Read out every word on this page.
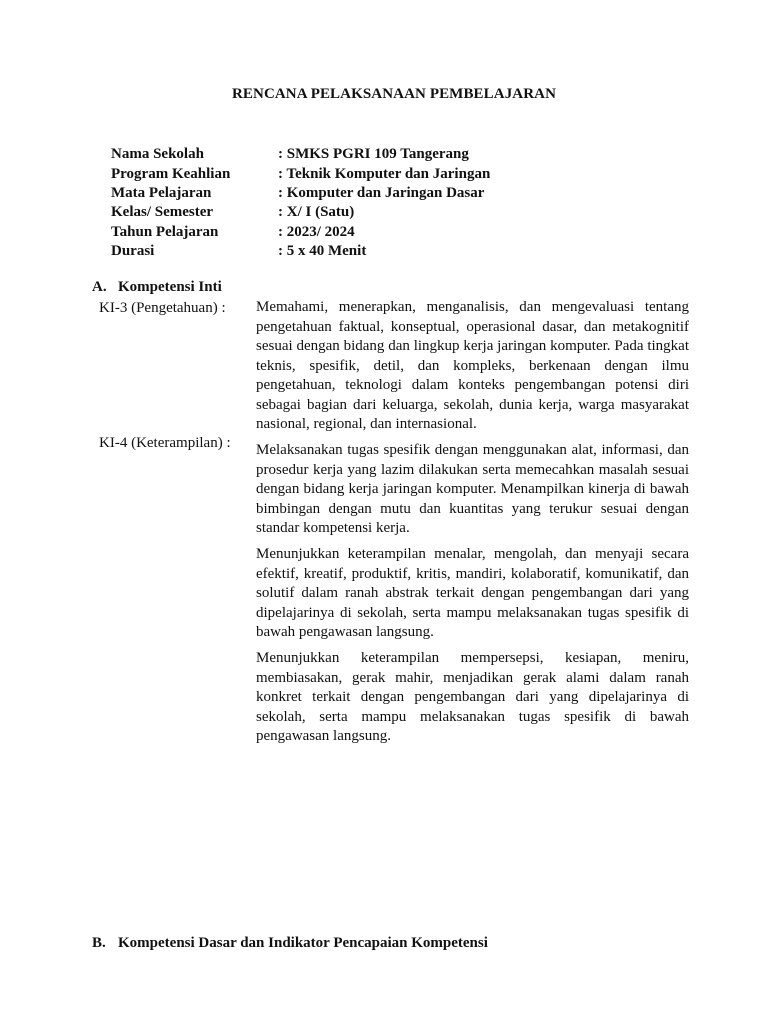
RENCANA PELAKSANAAN PEMBELAJARAN
Nama Sekolah	: SMKS PGRI 109 Tangerang
Program Keahlian	: Teknik Komputer dan Jaringan
Mata Pelajaran	: Komputer dan Jaringan Dasar
Kelas/ Semester	: X/ I (Satu)
Tahun Pelajaran	: 2023/ 2024
Durasi	: 5 x 40 Menit
A. Kompetensi Inti
KI-3 (Pengetahuan) : Memahami, menerapkan, menganalisis, dan mengevaluasi tentang pengetahuan faktual, konseptual, operasional dasar, dan metakognitif sesuai dengan bidang dan lingkup kerja jaringan komputer. Pada tingkat teknis, spesifik, detil, dan kompleks, berkenaan dengan ilmu pengetahuan, teknologi dalam konteks pengembangan potensi diri sebagai bagian dari keluarga, sekolah, dunia kerja, warga masyarakat nasional, regional, dan internasional.

KI-4 (Keterampilan) : Melaksanakan tugas spesifik dengan menggunakan alat, informasi, dan prosedur kerja yang lazim dilakukan serta memecahkan masalah sesuai dengan bidang kerja jaringan komputer. Menampilkan kinerja di bawah bimbingan dengan mutu dan kuantitas yang terukur sesuai dengan standar kompetensi kerja.

Menunjukkan keterampilan menalar, mengolah, dan menyaji secara efektif, kreatif, produktif, kritis, mandiri, kolaboratif, komunikatif, dan solutif dalam ranah abstrak terkait dengan pengembangan dari yang dipelajarinya di sekolah, serta mampu melaksanakan tugas spesifik di bawah pengawasan langsung.

Menunjukkan keterampilan mempersepsi, kesiapan, meniru, membiasakan, gerak mahir, menjadikan gerak alami dalam ranah konkret terkait dengan pengembangan dari yang dipelajarinya di sekolah, serta mampu melaksanakan tugas spesifik di bawah pengawasan langsung.

B. Kompetensi Dasar dan Indikator Pencapaian Kompetensi
